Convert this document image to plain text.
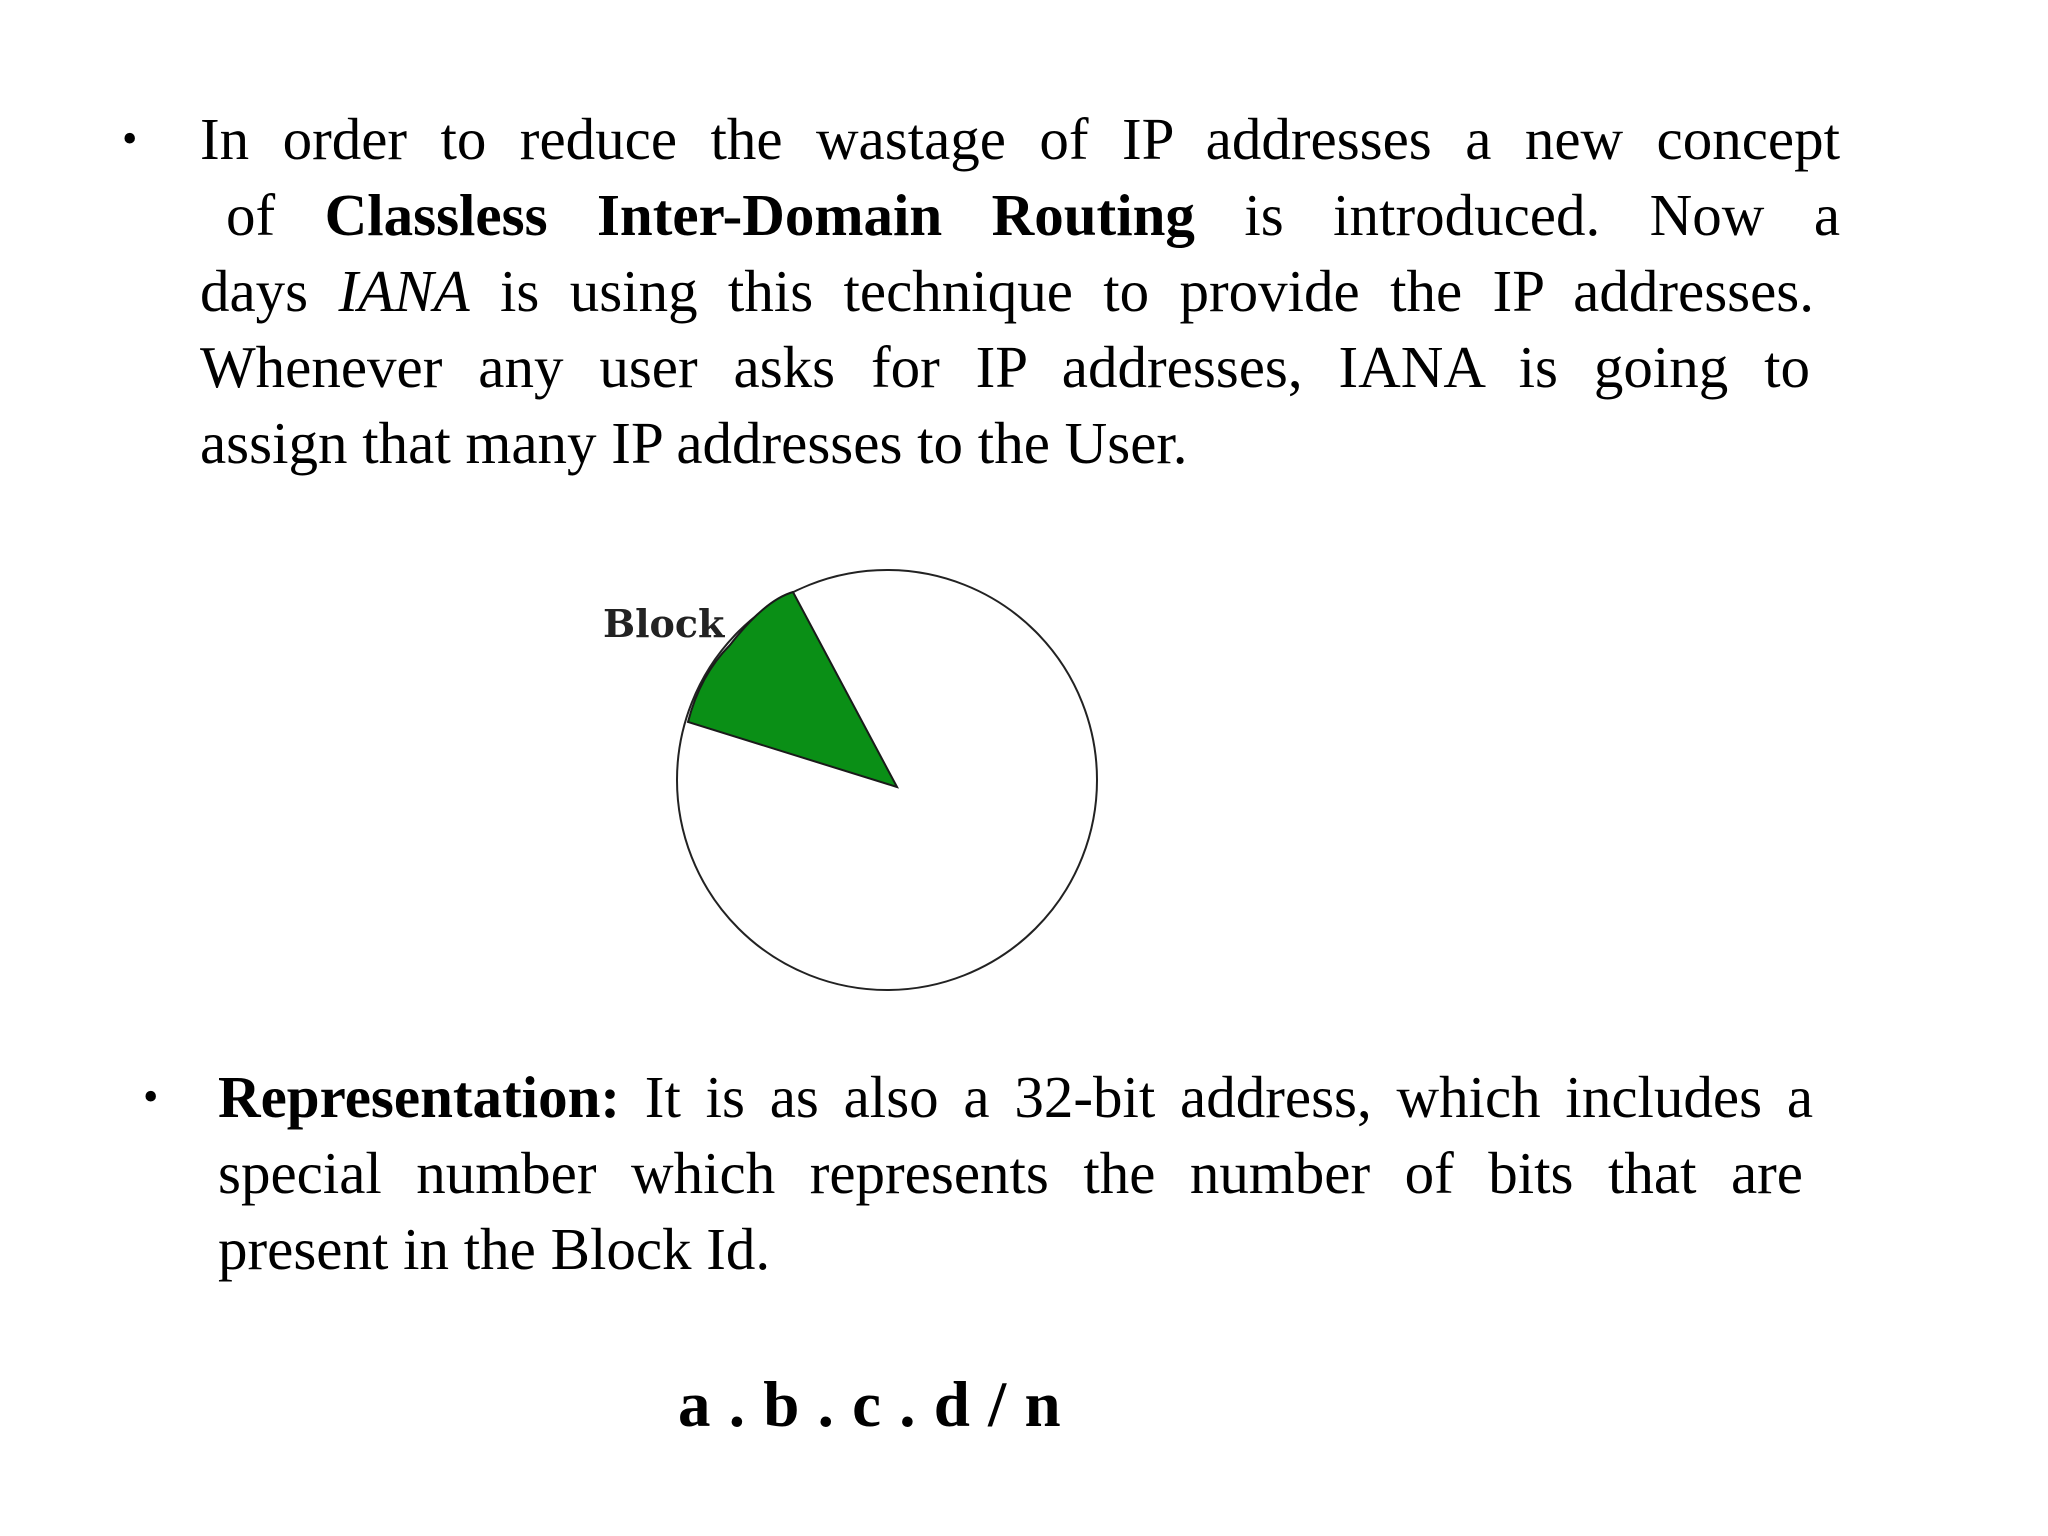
• In order to reduce the wastage of IP addresses a new concept
of Classless Inter-Domain Routing is introduced. Now a
days IANA is using this technique to provide the IP addresses.
Whenever any user asks for IP addresses, IANA is going to
assign that many IP addresses to the User.
Block
• Representation: It is as also a 32-bit address, which includes a
special number which represents the number of bits that are
present in the Block Id.
a . b . c . d / n
